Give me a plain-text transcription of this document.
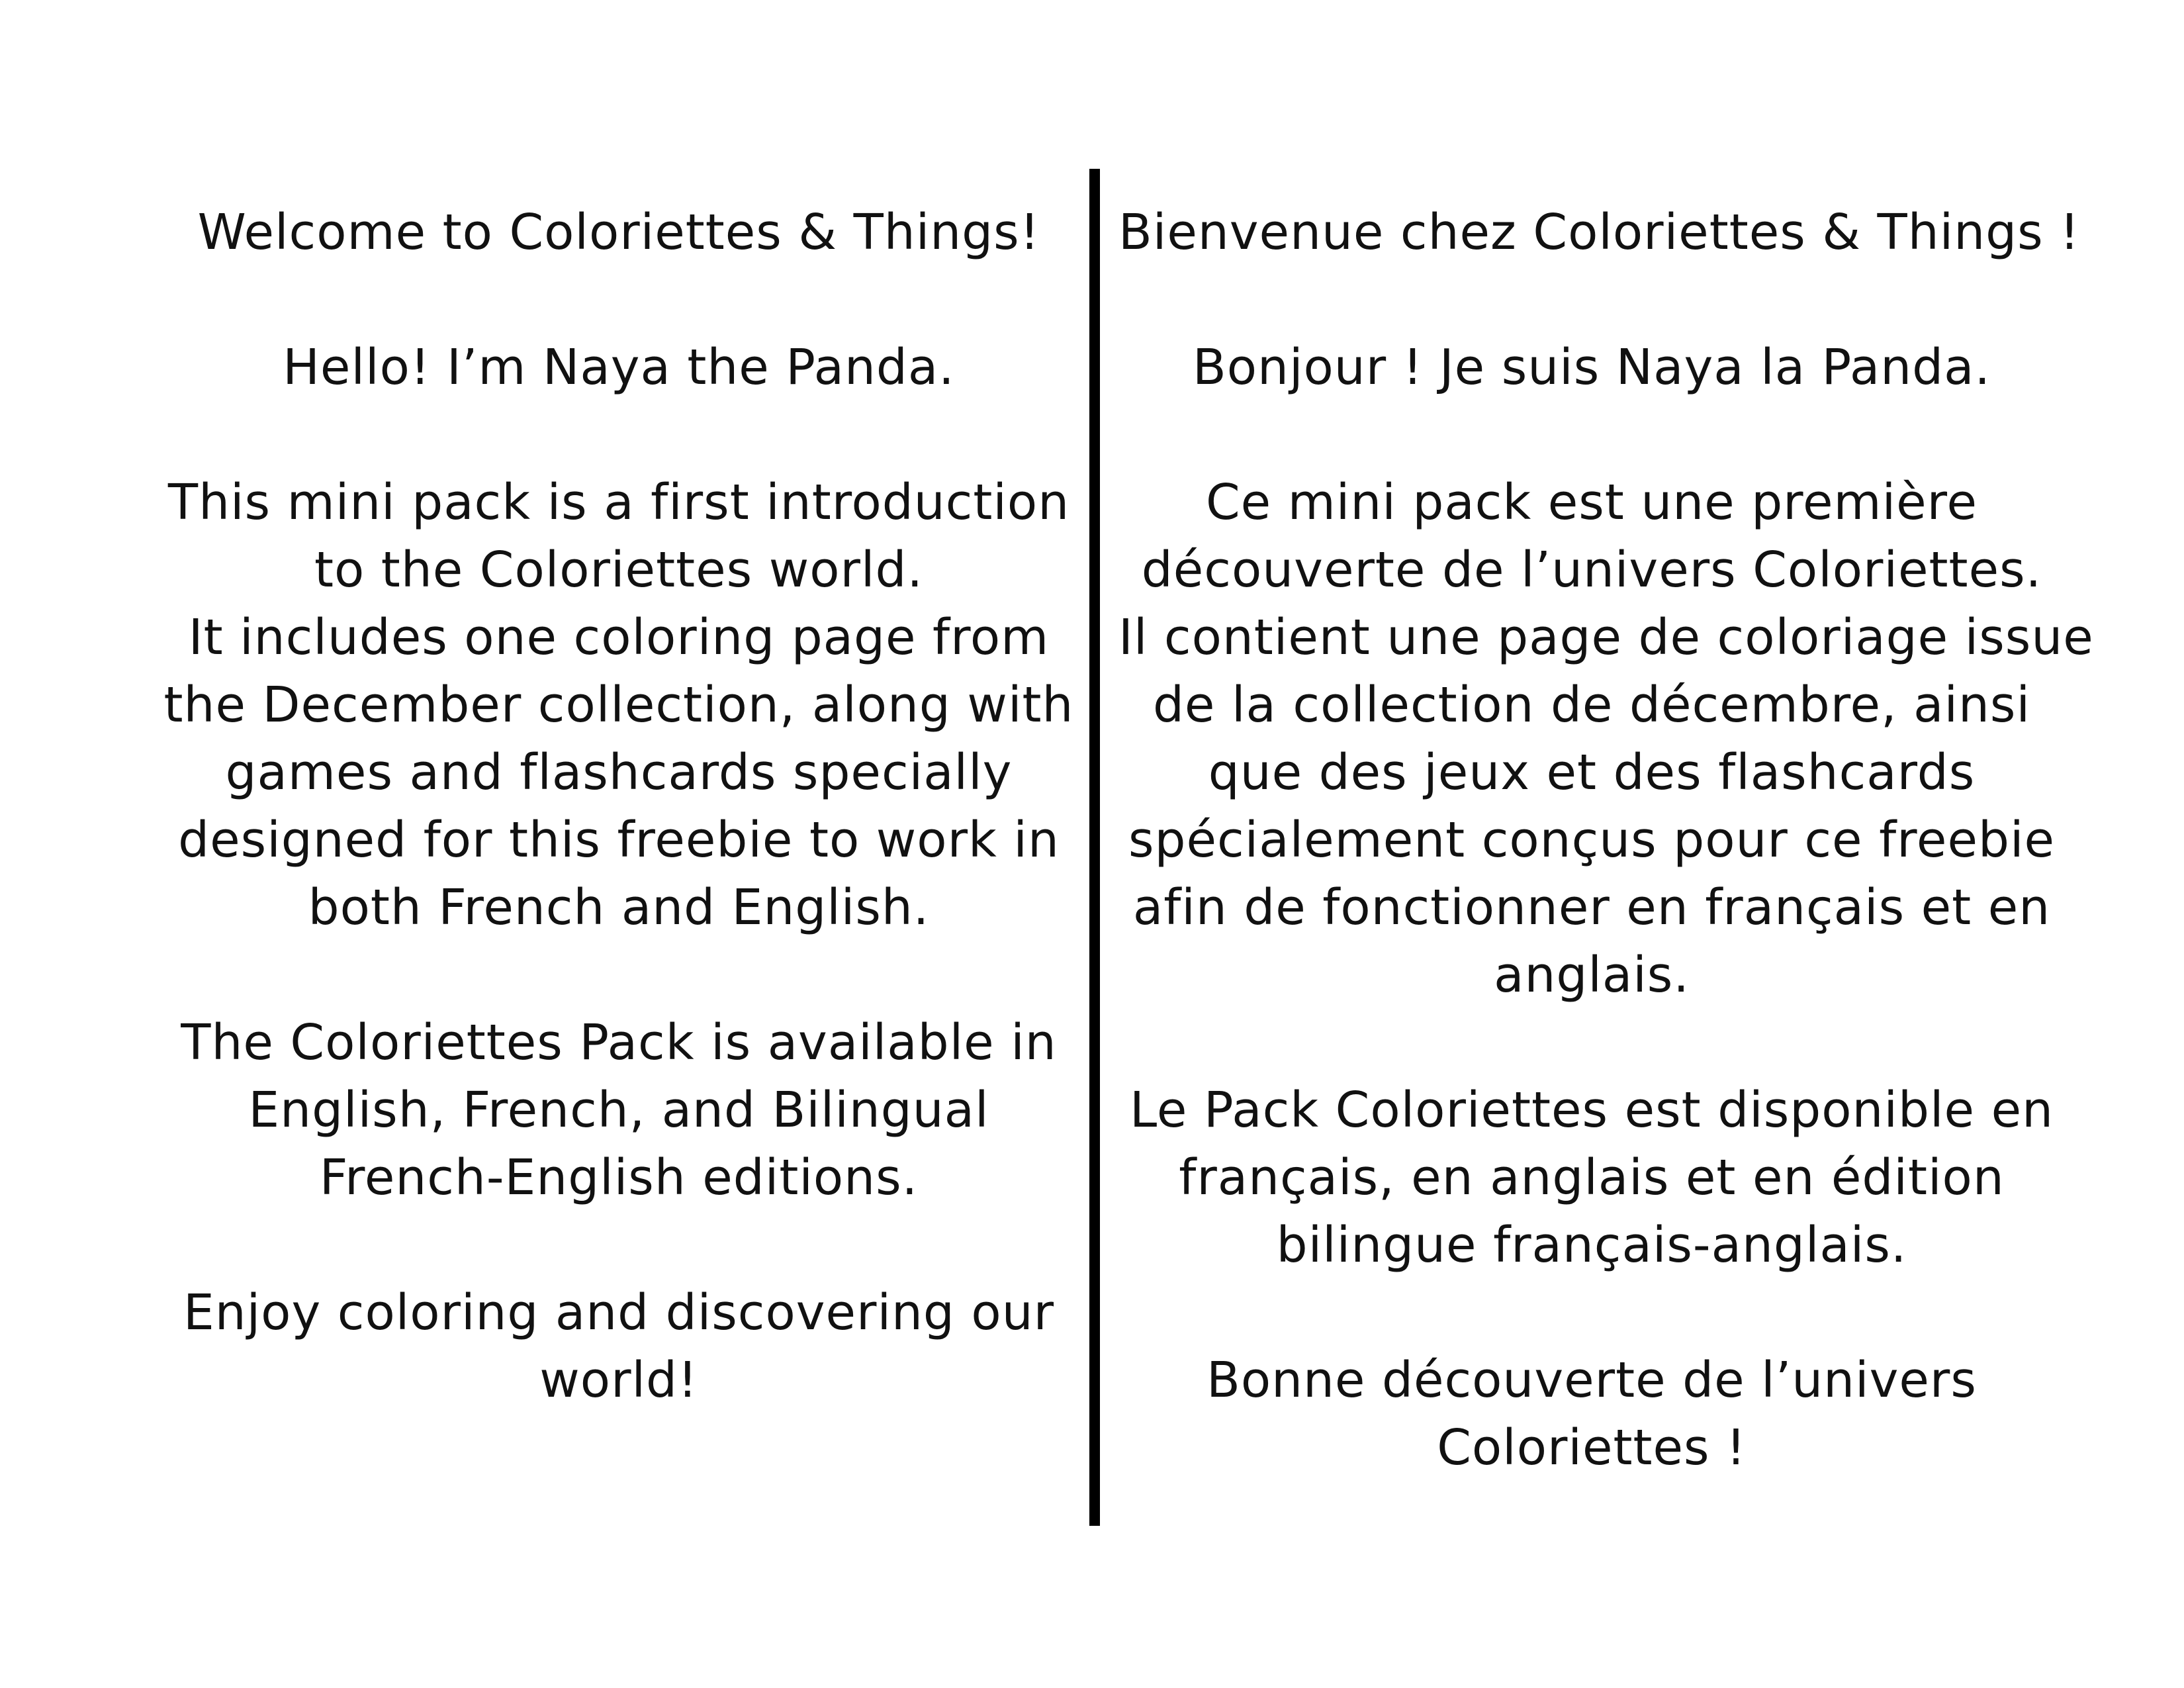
Welcome to Coloriettes & Things!

Hello! I’m Naya the Panda.

This mini pack is a first introduction
to the Coloriettes world.

It includes one coloring page from
the December collection, along with
games and flashcards specially
designed for this freebie to work in
both French and English.

The Coloriettes Pack is available in
English, French, and Bilingual
French-English editions.

Enjoy coloring and discovering our
world!

Bienvenue chez Coloriettes & Things !

Bonjour ! Je suis Naya la Panda.

Ce mini pack est une première
découverte de l’univers Coloriettes.

Il contient une page de coloriage issue
de la collection de décembre, ainsi
que des jeux et des flashcards
spécialement conçus pour ce freebie
afin de fonctionner en français et en
anglais.

Le Pack Coloriettes est disponible en
français, en anglais et en édition
bilingue français-anglais.

Bonne découverte de l’univers
Coloriettes !
